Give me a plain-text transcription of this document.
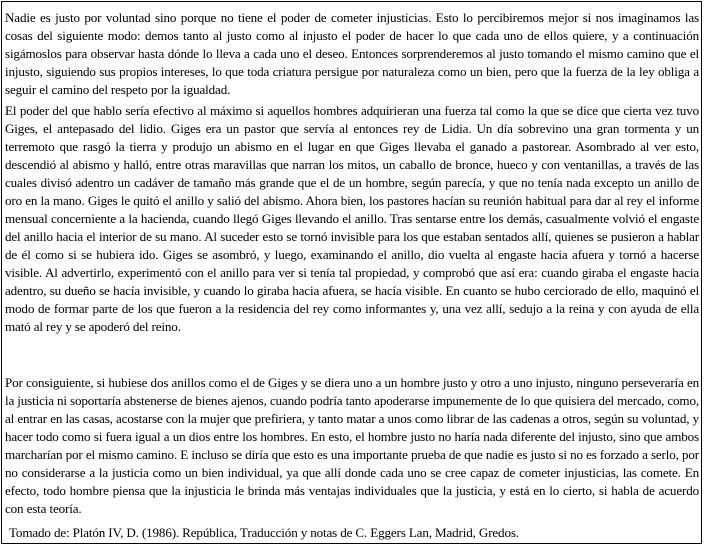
Nadie es justo por voluntad sino porque no tiene el poder de cometer injusticias. Esto lo percibiremos mejor si nos imaginamos las cosas del siguiente modo: demos tanto al justo como al injusto el poder de hacer lo que cada uno de ellos quiere, y a continuación sigámoslos para observar hasta dónde lo lleva a cada uno el deseo. Entonces sorprenderemos al justo tomando el mismo camino que el injusto, siguiendo sus propios intereses, lo que toda criatura persigue por naturaleza como un bien, pero que la fuerza de la ley obliga a seguir el camino del respeto por la igualdad.

El poder del que hablo sería efectivo al máximo si aquellos hombres adquirieran una fuerza tal como la que se dice que cierta vez tuvo Giges, el antepasado del lidio. Giges era un pastor que servía al entonces rey de Lidia. Un día sobrevino una gran tormenta y un terremoto que rasgó la tierra y produjo un abismo en el lugar en que Giges llevaba el ganado a pastorear. Asombrado al ver esto, descendió al abismo y halló, entre otras maravillas que narran los mitos, un caballo de bronce, hueco y con ventanillas, a través de las cuales divisó adentro un cadáver de tamaño más grande que el de un hombre, según parecía, y que no tenía nada excepto un anillo de oro en la mano. Giges le quitó el anillo y salió del abismo. Ahora bien, los pastores hacían su reunión habitual para dar al rey el informe mensual concerniente a la hacienda, cuando llegó Giges llevando el anillo. Tras sentarse entre los demás, casualmente volvió el engaste del anillo hacia el interior de su mano. Al suceder esto se tornó invisible para los que estaban sentados allí, quienes se pusieron a hablar de él como si se hubiera ido. Giges se asombró, y luego, examinando el anillo, dio vuelta al engaste hacia afuera y tornó a hacerse visible. Al advertirlo, experimentó con el anillo para ver si tenía tal propiedad, y comprobó que así era: cuando giraba el engaste hacia adentro, su dueño se hacía invisible, y cuando lo giraba hacia afuera, se hacía visible. En cuanto se hubo cerciorado de ello, maquinó el modo de formar parte de los que fueron a la residencia del rey como informantes y, una vez allí, sedujo a la reina y con ayuda de ella mató al rey y se apoderó del reino.

Por consiguiente, si hubiese dos anillos como el de Giges y se diera uno a un hombre justo y otro a uno injusto, ninguno perseveraría en la justicia ni soportaría abstenerse de bienes ajenos, cuando podría tanto apoderarse impunemente de lo que quisiera del mercado, como, al entrar en las casas, acostarse con la mujer que prefiriera, y tanto matar a unos como librar de las cadenas a otros, según su voluntad, y hacer todo como si fuera igual a un dios entre los hombres. En esto, el hombre justo no haría nada diferente del injusto, sino que ambos marcharían por el mismo camino. E incluso se diría que esto es una importante prueba de que nadie es justo si no es forzado a serlo, por no considerarse a la justicia como un bien individual, ya que allí donde cada uno se cree capaz de cometer injusticias, las comete. En efecto, todo hombre piensa que la injusticia le brinda más ventajas individuales que la justicia, y está en lo cierto, si habla de acuerdo con esta teoría.

Tomado de: Platón IV, D. (1986). República, Traducción y notas de C. Eggers Lan, Madrid, Gredos.
